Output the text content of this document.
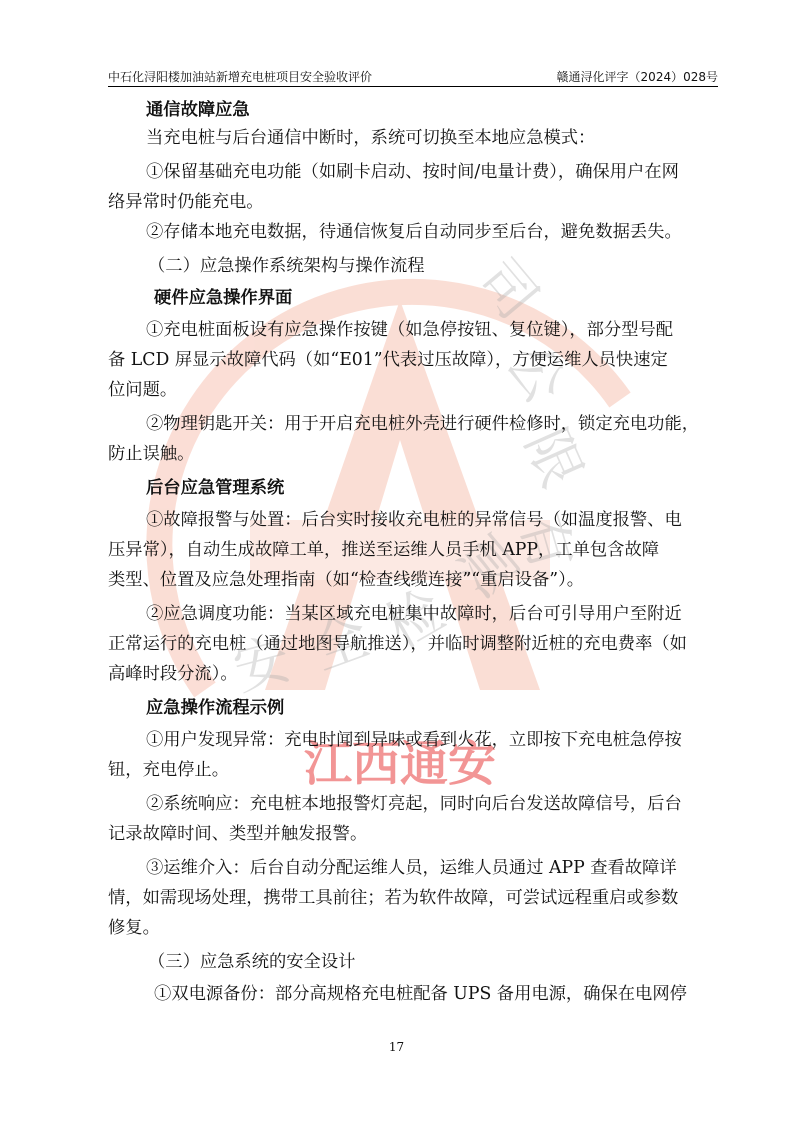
司
公
限
有
测
检
全
安
江西通安
中石化浔阳楼加油站新增充电桩项目安全验收评价	赣通浔化评字（2024）028号
通信故障应急
当充电桩与后台通信中断时，系统可切换至本地应急模式：
①保留基础充电功能（如刷卡启动、按时间/电量计费），确保用户在网
络异常时仍能充电。
②存储本地充电数据，待通信恢复后自动同步至后台，避免数据丢失。
（二）应急操作系统架构与操作流程
硬件应急操作界面
①充电桩面板设有应急操作按键（如急停按钮、复位键），部分型号配
备 LCD 屏显示故障代码（如“E01”代表过压故障），方便运维人员快速定
位问题。
②物理钥匙开关：用于开启充电桩外壳进行硬件检修时，锁定充电功能，
防止误触。
后台应急管理系统
①故障报警与处置：后台实时接收充电桩的异常信号（如温度报警、电
压异常），自动生成故障工单，推送至运维人员手机 APP，工单包含故障
类型、位置及应急处理指南（如“检查线缆连接”“重启设备”）。
②应急调度功能：当某区域充电桩集中故障时，后台可引导用户至附近
正常运行的充电桩（通过地图导航推送），并临时调整附近桩的充电费率（如
高峰时段分流）。
应急操作流程示例
①用户发现异常：充电时闻到异味或看到火花，立即按下充电桩急停按
钮，充电停止。
②系统响应：充电桩本地报警灯亮起，同时向后台发送故障信号，后台
记录故障时间、类型并触发报警。
③运维介入：后台自动分配运维人员，运维人员通过 APP 查看故障详
情，如需现场处理，携带工具前往；若为软件故障，可尝试远程重启或参数
修复。
（三）应急系统的安全设计
①双电源备份：部分高规格充电桩配备 UPS 备用电源，确保在电网停
17
